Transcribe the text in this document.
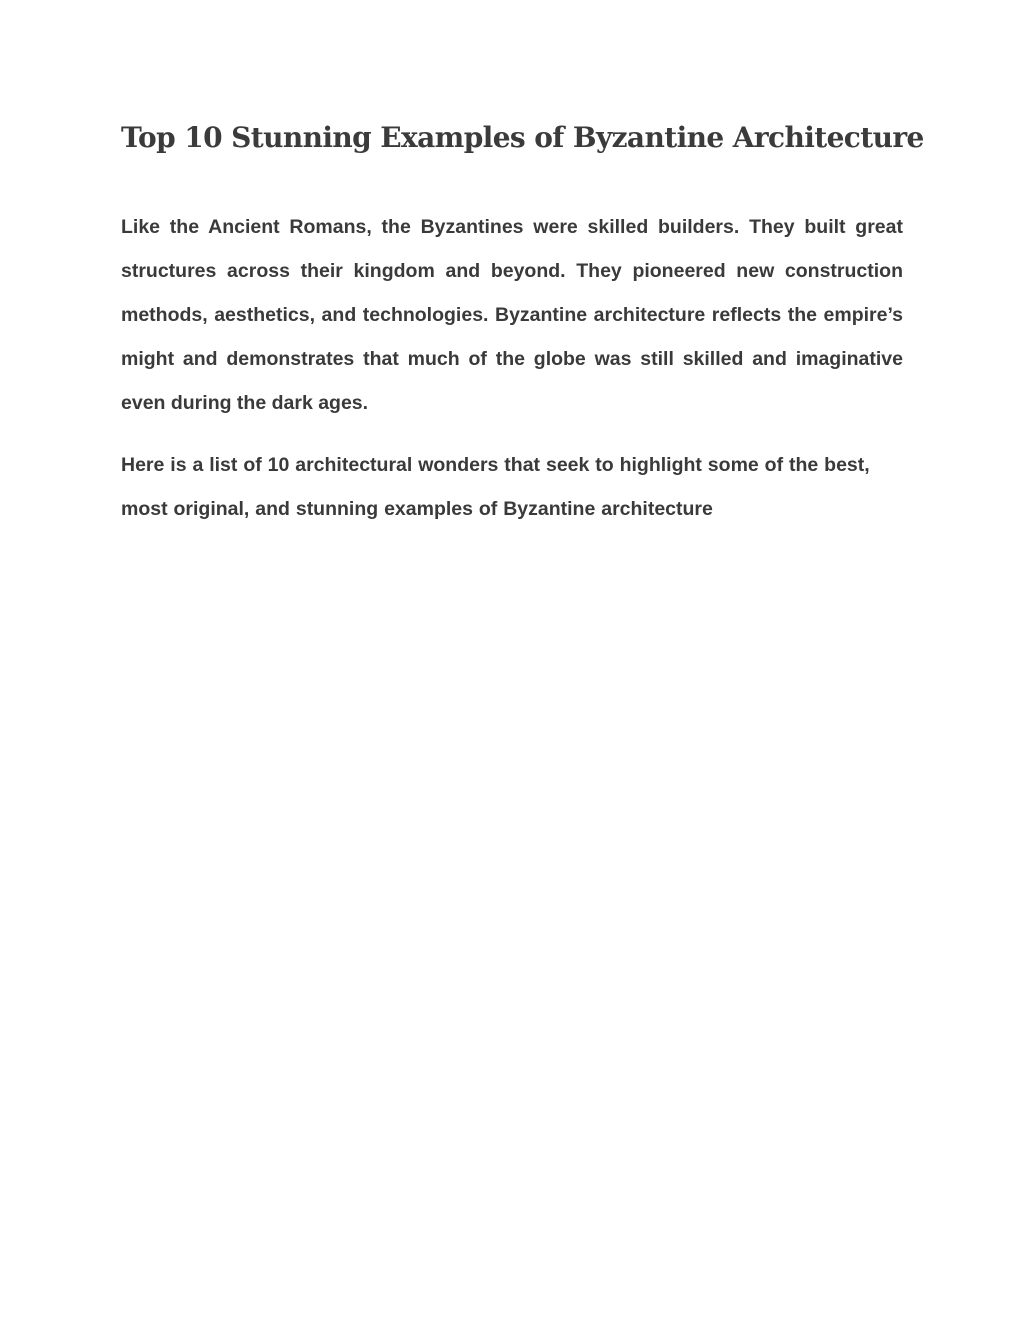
Top 10 Stunning Examples of Byzantine Architecture

Like the Ancient Romans, the Byzantines were skilled builders. They built great structures across their kingdom and beyond. They pioneered new construction methods, aesthetics, and technologies. Byzantine architecture reflects the empire’s might and demonstrates that much of the globe was still skilled and imaginative even during the dark ages.

Here is a list of 10 architectural wonders that seek to highlight some of the best, most original, and stunning examples of Byzantine architecture
